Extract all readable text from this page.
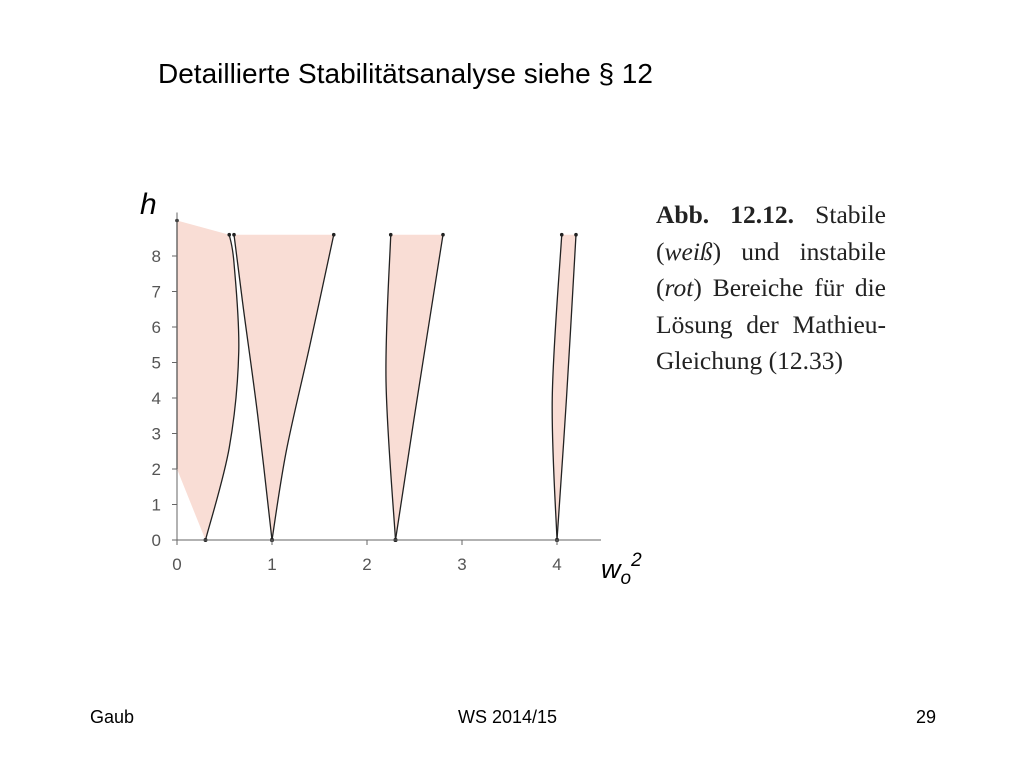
Detaillierte Stabilitätsanalyse siehe § 12
h
$w_o^2$
0	1	2	3	4
0
1
2
3
4
5
6
7
8
Abb. 12.12. Stabile (weiß) und instabile (rot) Bereiche für die Lösung der Mathieu-Gleichung (12.33)
Gaub	WS 2014/15	29
